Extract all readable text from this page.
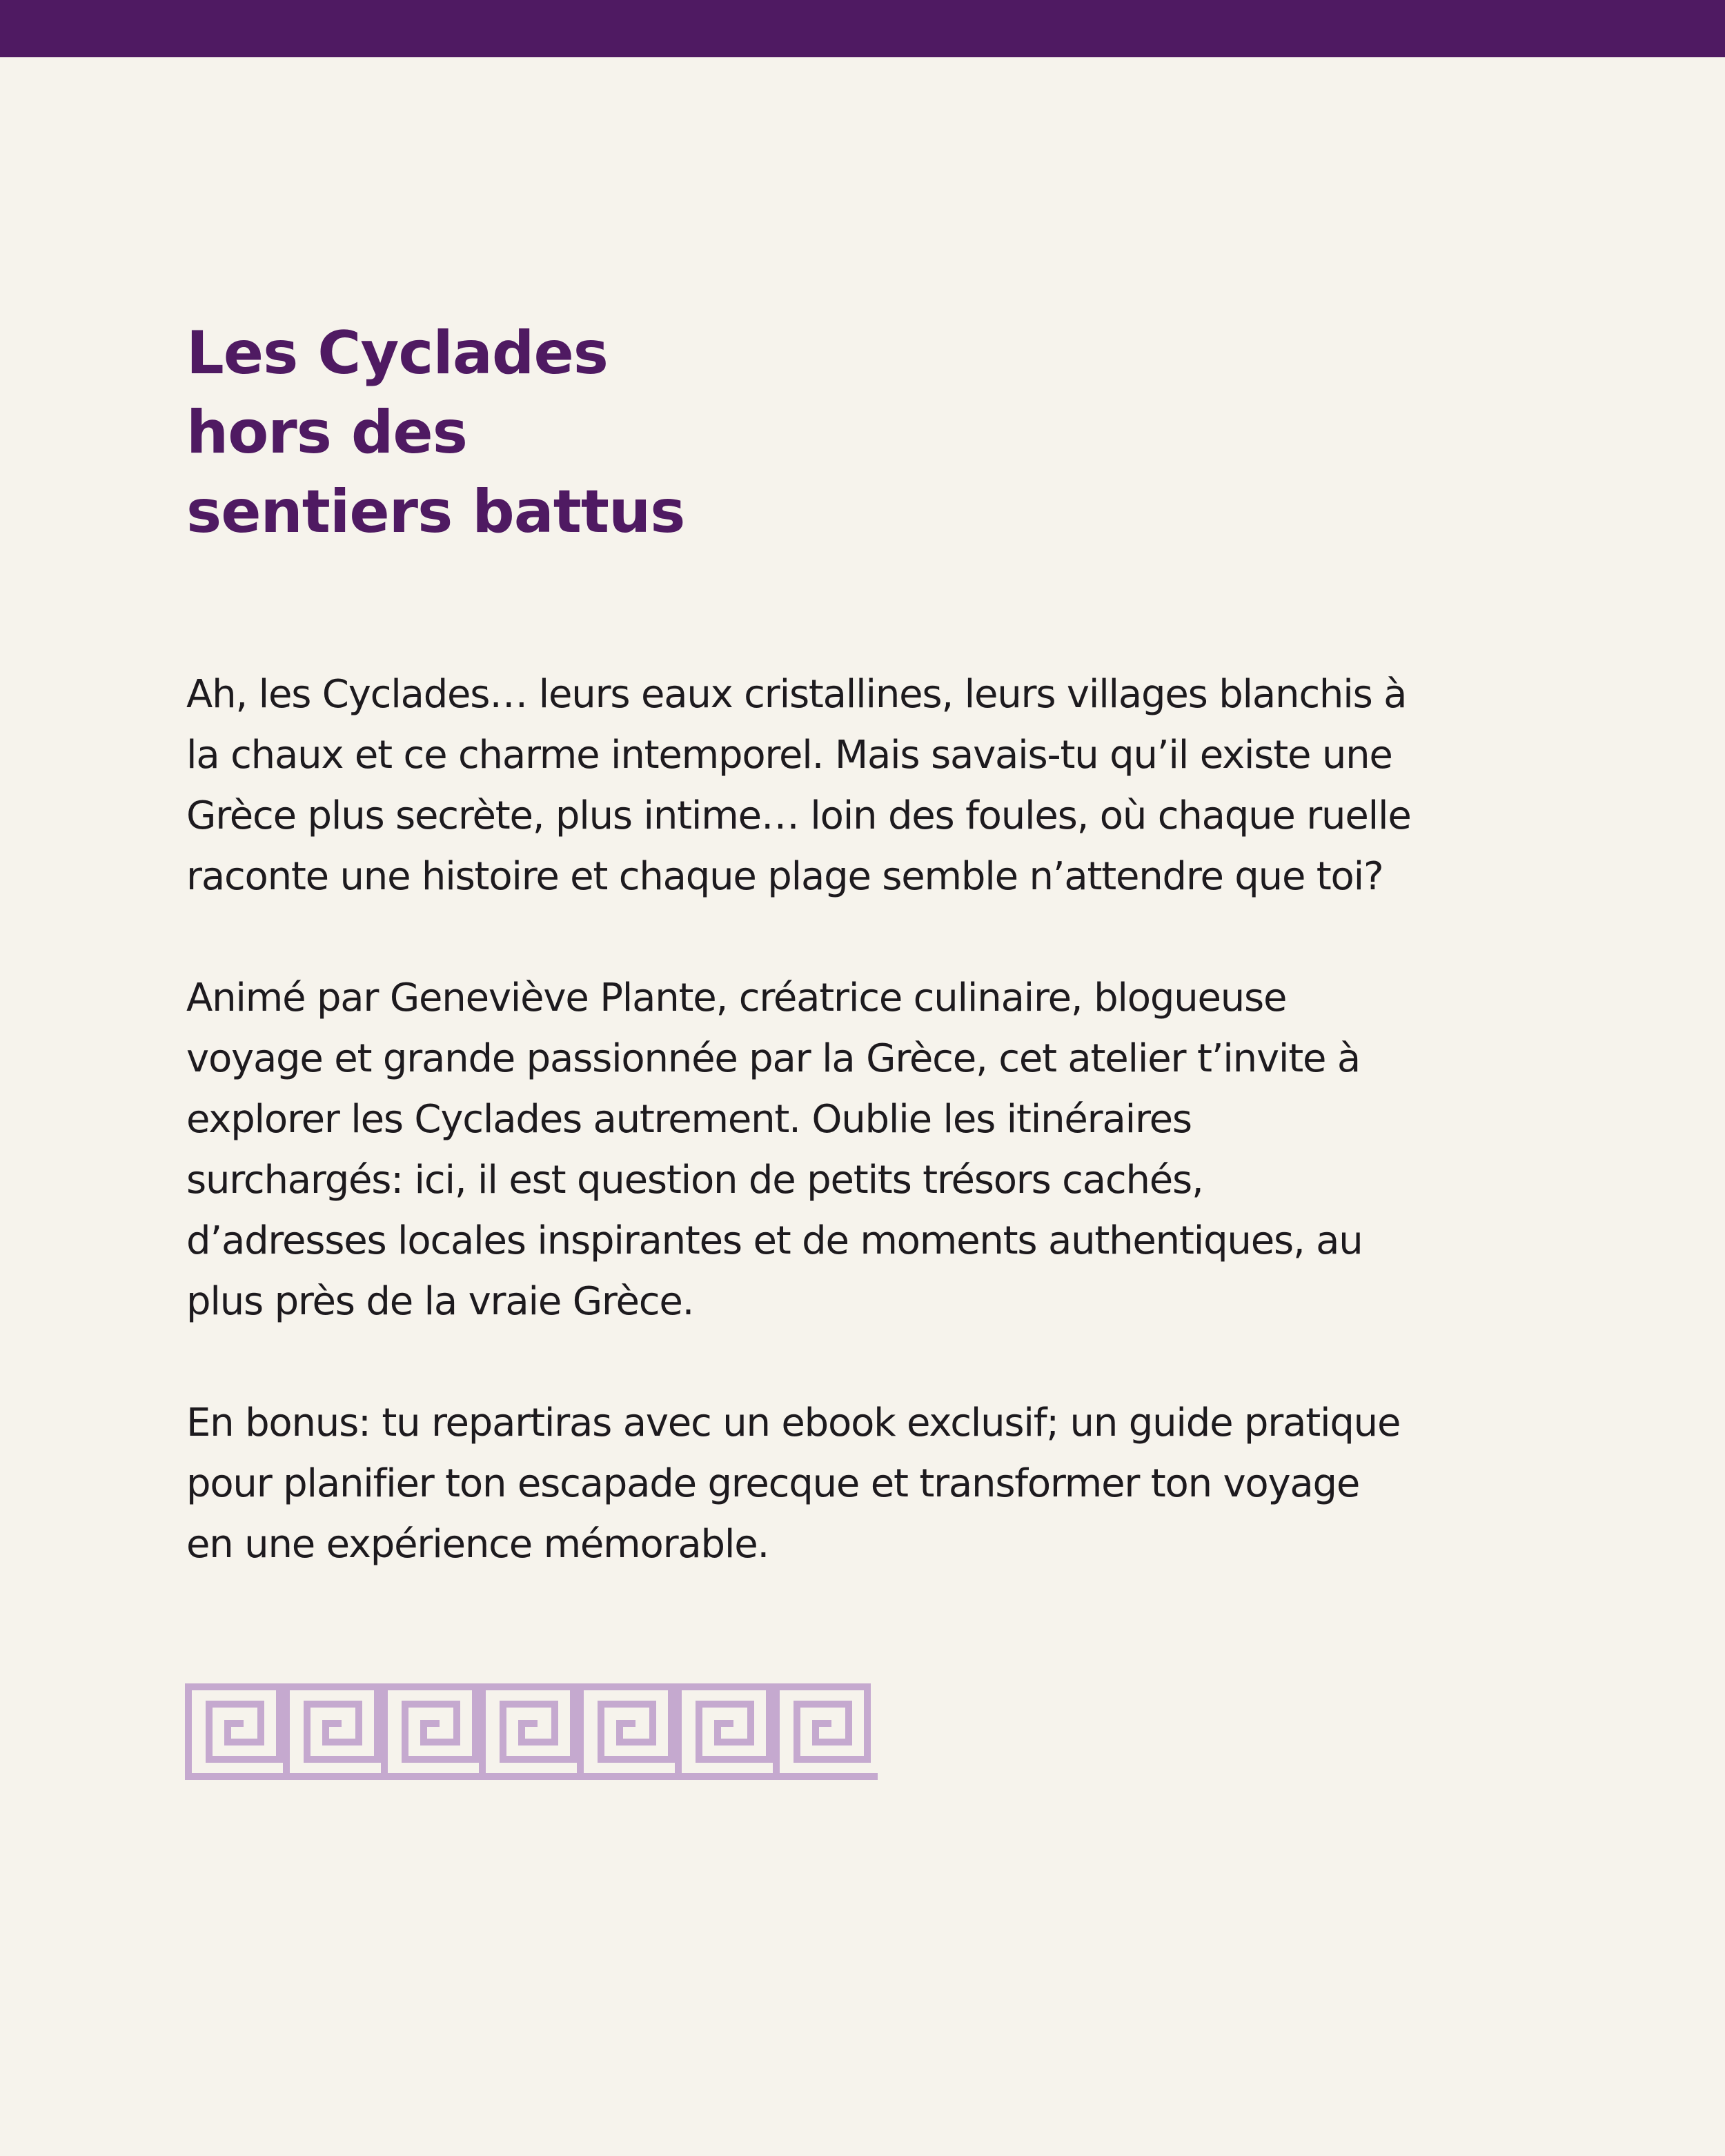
Les Cyclades
hors des
sentiers battus

Ah, les Cyclades… leurs eaux cristallines, leurs villages blanchis à
la chaux et ce charme intemporel. Mais savais-tu qu’il existe une
Grèce plus secrète, plus intime… loin des foules, où chaque ruelle
raconte une histoire et chaque plage semble n’attendre que toi?

Animé par Geneviève Plante, créatrice culinaire, blogueuse
voyage et grande passionnée par la Grèce, cet atelier t’invite à
explorer les Cyclades autrement. Oublie les itinéraires
surchargés: ici, il est question de petits trésors cachés,
d’adresses locales inspirantes et de moments authentiques, au
plus près de la vraie Grèce.

En bonus: tu repartiras avec un ebook exclusif; un guide pratique
pour planifier ton escapade grecque et transformer ton voyage
en une expérience mémorable.
